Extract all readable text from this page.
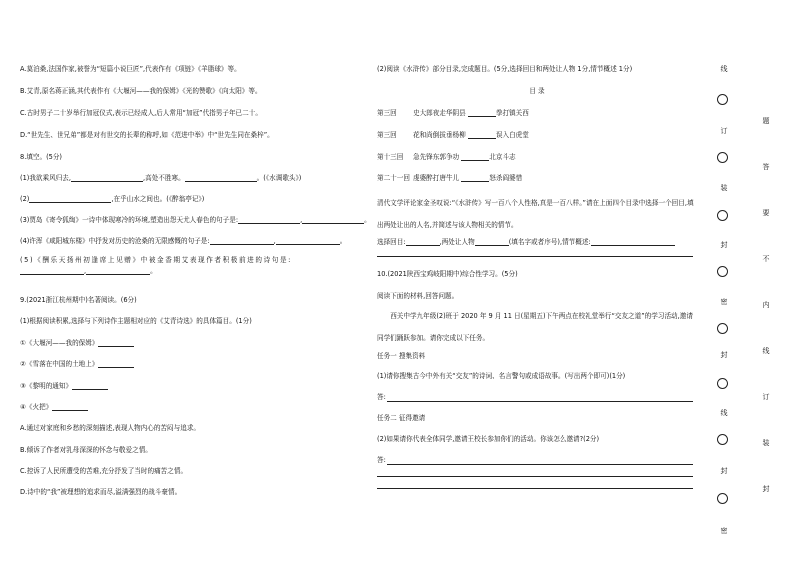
A.莫泊桑,法国作家,被誉为“短篇小说巨匠”,代表作有《项链》《羊脂球》等。
B.艾青,原名蒋正涵,其代表作有《大堰河——我的保姆》《光的赞歌》《向太阳》等。
C.古时男子二十岁举行加冠仪式,表示已经成人,后人常用“加冠”代指男子年已二十。
D.“世先生、世兄弟”都是对有世交的长辈的称呼,如《范进中举》中“世先生同在桑梓”。
8.填空。(5分)
(1)我欲乘风归去,	,高处不胜寒。	。(《水调歌头》)
(2)	,在乎山水之间也。(《醉翁亭记》)
(3)贾岛《寄令狐绹》一诗中体现寒冷的环境,塑造出怨天尤人春色的句子是:	,	。
(4)许浑《咸阳城东楼》中抒发对历史的沧桑的无限感慨的句子是:	,	。
(5)《酬乐天扬州初逢席上见赠》中被金香期艾表现作者积极前进的诗句是:
,	。
9.(2021浙江杭州期中)名著阅读。(6分)
(1)根据阅读积累,选择与下列诗作主题相对应的《艾青诗选》的具体篇目。(1分)
①《大堰河——我的保姆》
②《雪落在中国的土地上》
③《黎明的通知》
④《火把》
A.通过对家庭和乡愁的深刻描述,表现人物内心的苦闷与追求。
B.倾诉了作者对乳母深深的怀念与敬爱之情。
C.控诉了人民所遭受的苦难,充分抒发了当时的痛苦之情。
D.诗中的“我”被理想的追求而尽,溢满强烈的战斗豪情。
(2)阅读《水浒传》部分目录,完成题目。(5分,选择回目和两处让人物 1分,情节概述 1分)
目 录
第三回 史大郎夜走华阴县	拳打镇关西
第三回 花和尚倒拔垂杨柳	误入白虎堂
第十三回 急先锋东郭争功	北京斗志
第二十一回 虔婆醉打唐牛儿	怒杀阎婆惜
清代文学评论家金圣叹说:“《水浒传》写一百八个人性格,真是一百八样。”请在上面四个目录中选择一个回目,填出两处让出的人名,并简述与该人物相关的情节。
选择回目:	,两处让人物	(填名字或者序号),情节概述:
10.(2021陕西宝鸡岐阳期中)综合性学习。(5分)
阅读下面的材料,回答问题。
西关中学九年级(2)班于 2020 年 9 月 11 日(星期五)下午两点在校礼堂举行“交友之道”的学习活动,邀请同学们踊跃参加。请你完成以下任务。
任务一 搜集资料
(1)请你搜集古今中外有关“交友”的诗词、名言警句或成语故事。(写出两个即可)(1分)
答:
任务二 征得邀请
(2)如果请你代表全体同学,邀请王校长参加你们的活动。你该怎么邀请?(2分)
答:
线
订
装
封
密
封
线
封
密
题
答
要
不
内
线
订
装
封
